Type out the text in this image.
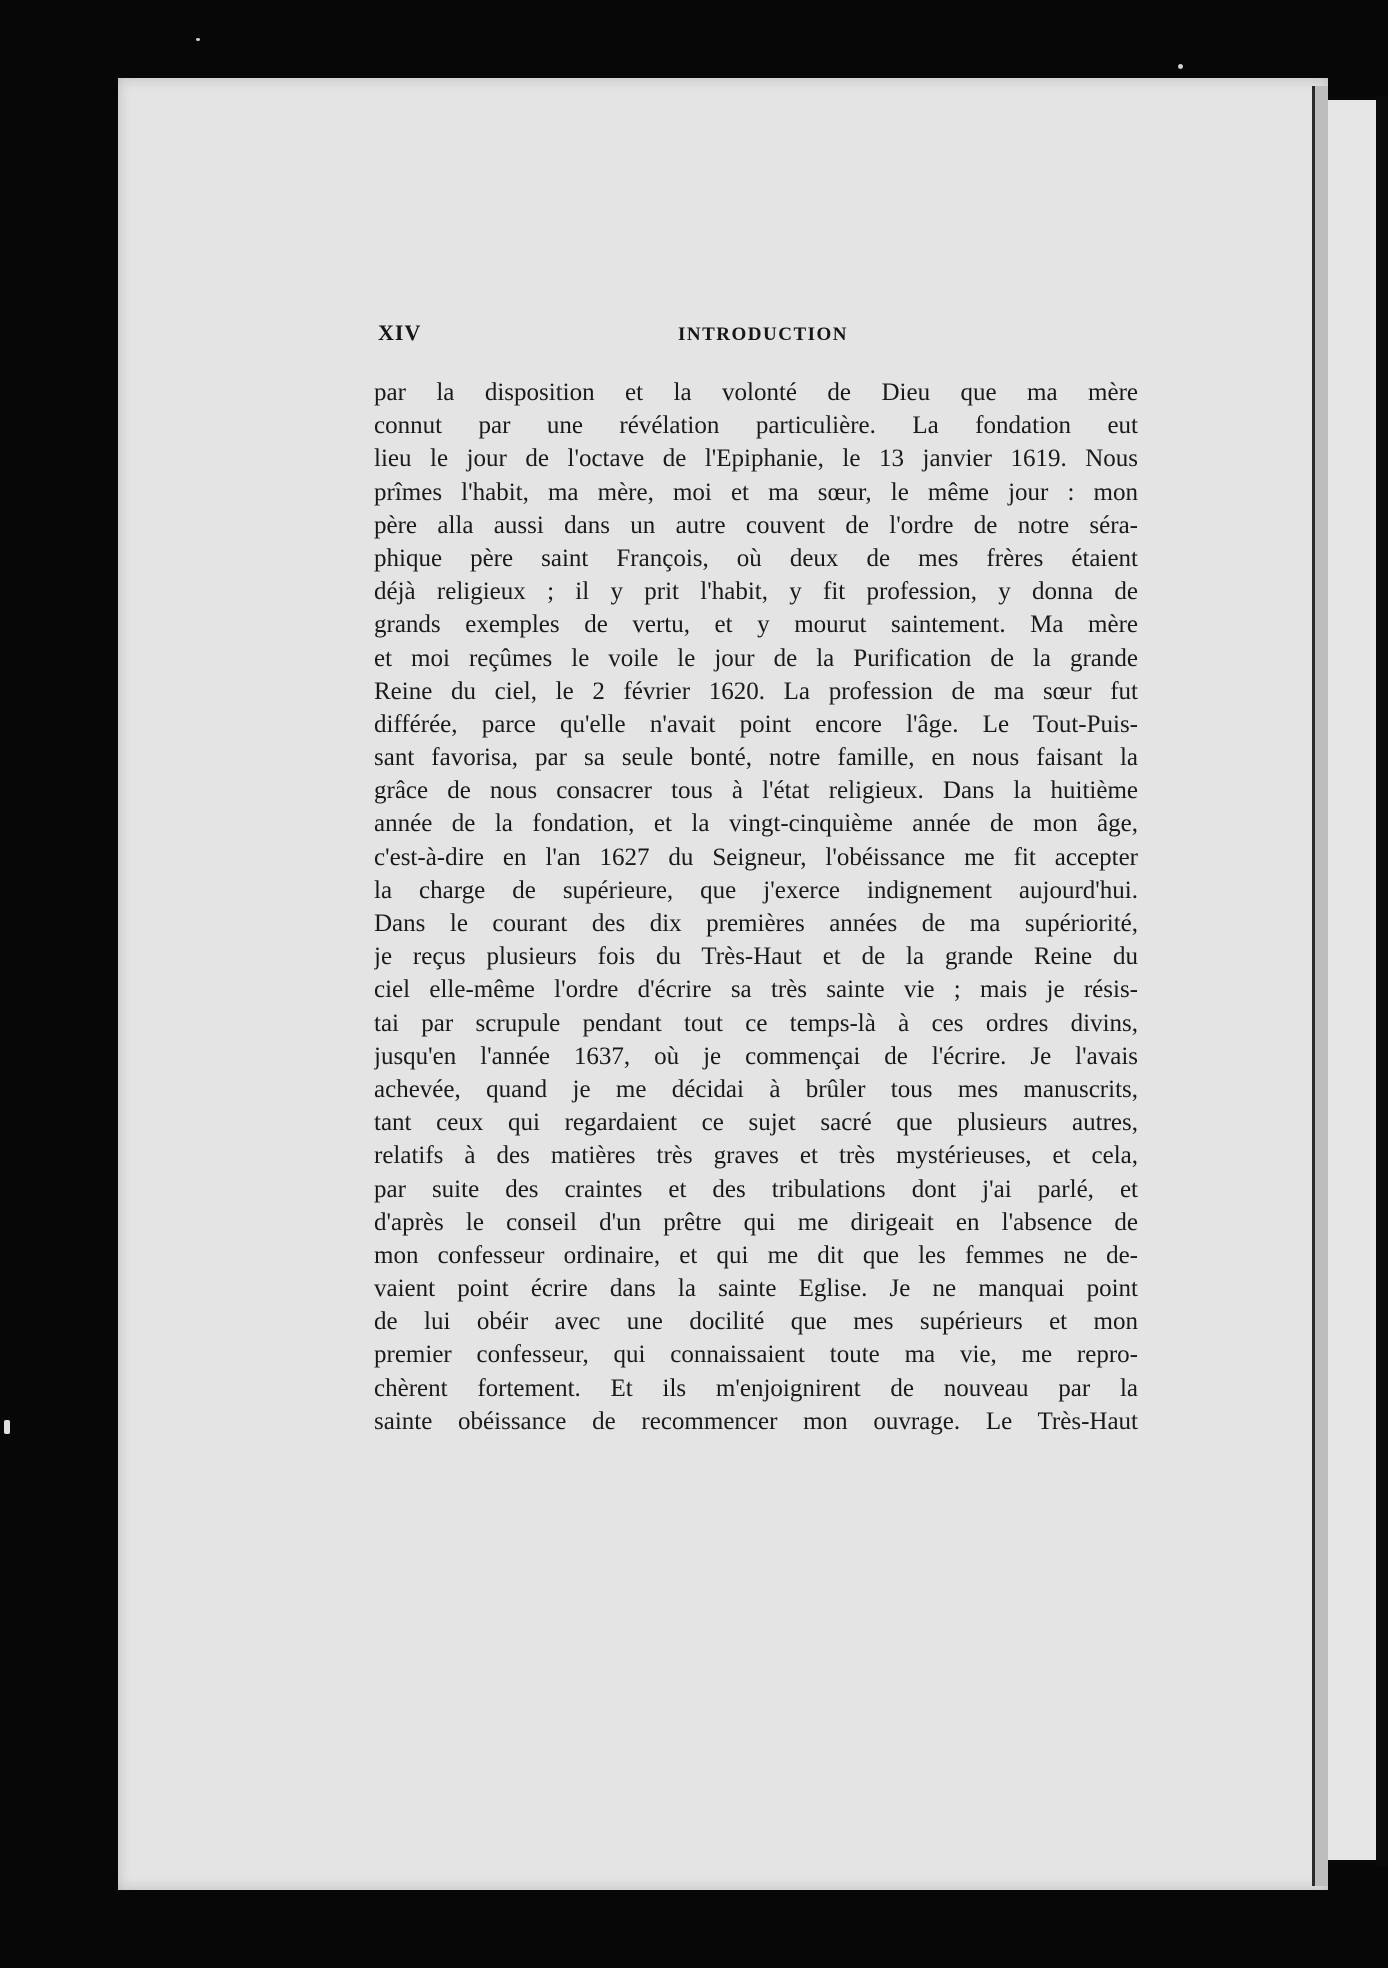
XIV	INTRODUCTION
par la disposition et la volonté de Dieu que ma mère
connut par une révélation particulière. La fondation eut
lieu le jour de l'octave de l'Epiphanie, le 13 janvier 1619. Nous
prîmes l'habit, ma mère, moi et ma sœur, le même jour : mon
père alla aussi dans un autre couvent de l'ordre de notre séra-
phique père saint François, où deux de mes frères étaient
déjà religieux ; il y prit l'habit, y fit profession, y donna de
grands exemples de vertu, et y mourut saintement. Ma mère
et moi reçûmes le voile le jour de la Purification de la grande
Reine du ciel, le 2 février 1620. La profession de ma sœur fut
différée, parce qu'elle n'avait point encore l'âge. Le Tout-Puis-
sant favorisa, par sa seule bonté, notre famille, en nous faisant la
grâce de nous consacrer tous à l'état religieux. Dans la huitième
année de la fondation, et la vingt-cinquième année de mon âge,
c'est-à-dire en l'an 1627 du Seigneur, l'obéissance me fit accepter
la charge de supérieure, que j'exerce indignement aujourd'hui.
Dans le courant des dix premières années de ma supériorité,
je reçus plusieurs fois du Très-Haut et de la grande Reine du
ciel elle-même l'ordre d'écrire sa très sainte vie ; mais je résis-
tai par scrupule pendant tout ce temps-là à ces ordres divins,
jusqu'en l'année 1637, où je commençai de l'écrire. Je l'avais
achevée, quand je me décidai à brûler tous mes manuscrits,
tant ceux qui regardaient ce sujet sacré que plusieurs autres,
relatifs à des matières très graves et très mystérieuses, et cela,
par suite des craintes et des tribulations dont j'ai parlé, et
d'après le conseil d'un prêtre qui me dirigeait en l'absence de
mon confesseur ordinaire, et qui me dit que les femmes ne de-
vaient point écrire dans la sainte Eglise. Je ne manquai point
de lui obéir avec une docilité que mes supérieurs et mon
premier confesseur, qui connaissaient toute ma vie, me repro-
chèrent fortement. Et ils m'enjoignirent de nouveau par la
sainte obéissance de recommencer mon ouvrage. Le Très-Haut
